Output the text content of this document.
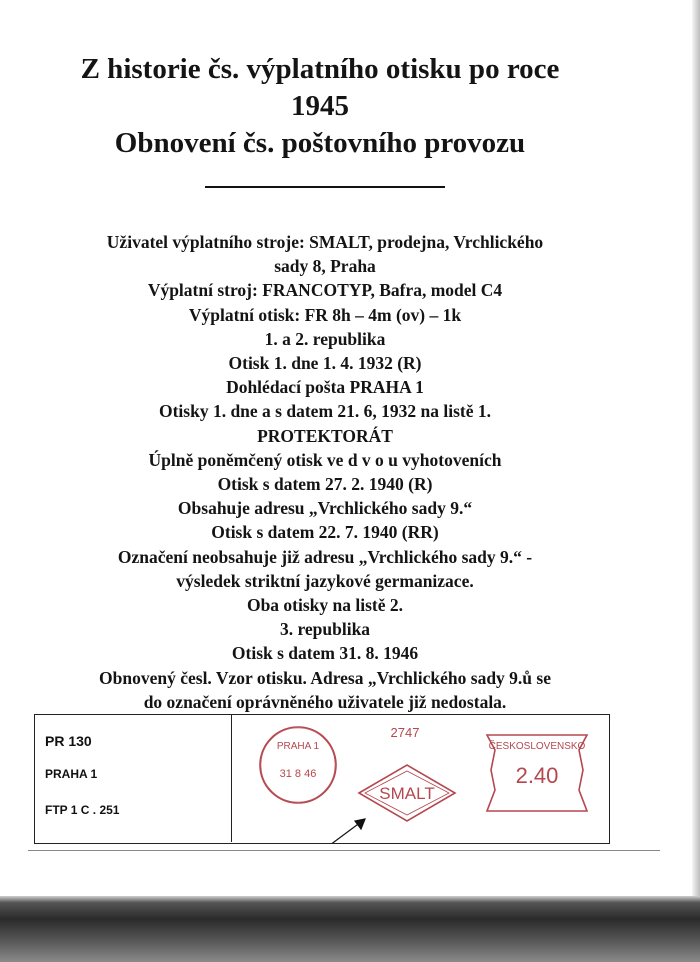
Z historie čs. výplatního otisku po roce
1945
Obnovení čs. poštovního provozu
Uživatel výplatního stroje: SMALT, prodejna, Vrchlického
sady 8, Praha
Výplatní stroj: FRANCOTYP, Bafra, model C4
Výplatní otisk: FR 8h – 4m (ov) – 1k
1. a 2. republika
Otisk 1. dne 1. 4. 1932 (R)
Dohlédací pošta PRAHA 1
Otisky 1. dne a s datem 21. 6, 1932 na listě 1.
PROTEKTORÁT
Úplně poněmčený otisk ve d v o u vyhotoveních
Otisk s datem 27. 2. 1940 (R)
Obsahuje adresu „Vrchlického sady 9.“
Otisk s datem 22. 7. 1940 (RR)
Označení neobsahuje již adresu „Vrchlického sady 9.“ -
výsledek striktní jazykové germanizace.
Oba otisky na listě 2.
3. republika
Otisk s datem 31. 8. 1946
Obnovený česl. Vzor otisku. Adresa „Vrchlického sady 9.ů se
do označení oprávněného uživatele již nedostala.
PR 130
PRAHA 1
FTP 1 C . 251
31 8 46
PRAHA 1
2747
SMALT
ČESKOSLOVENSKO
2.40
